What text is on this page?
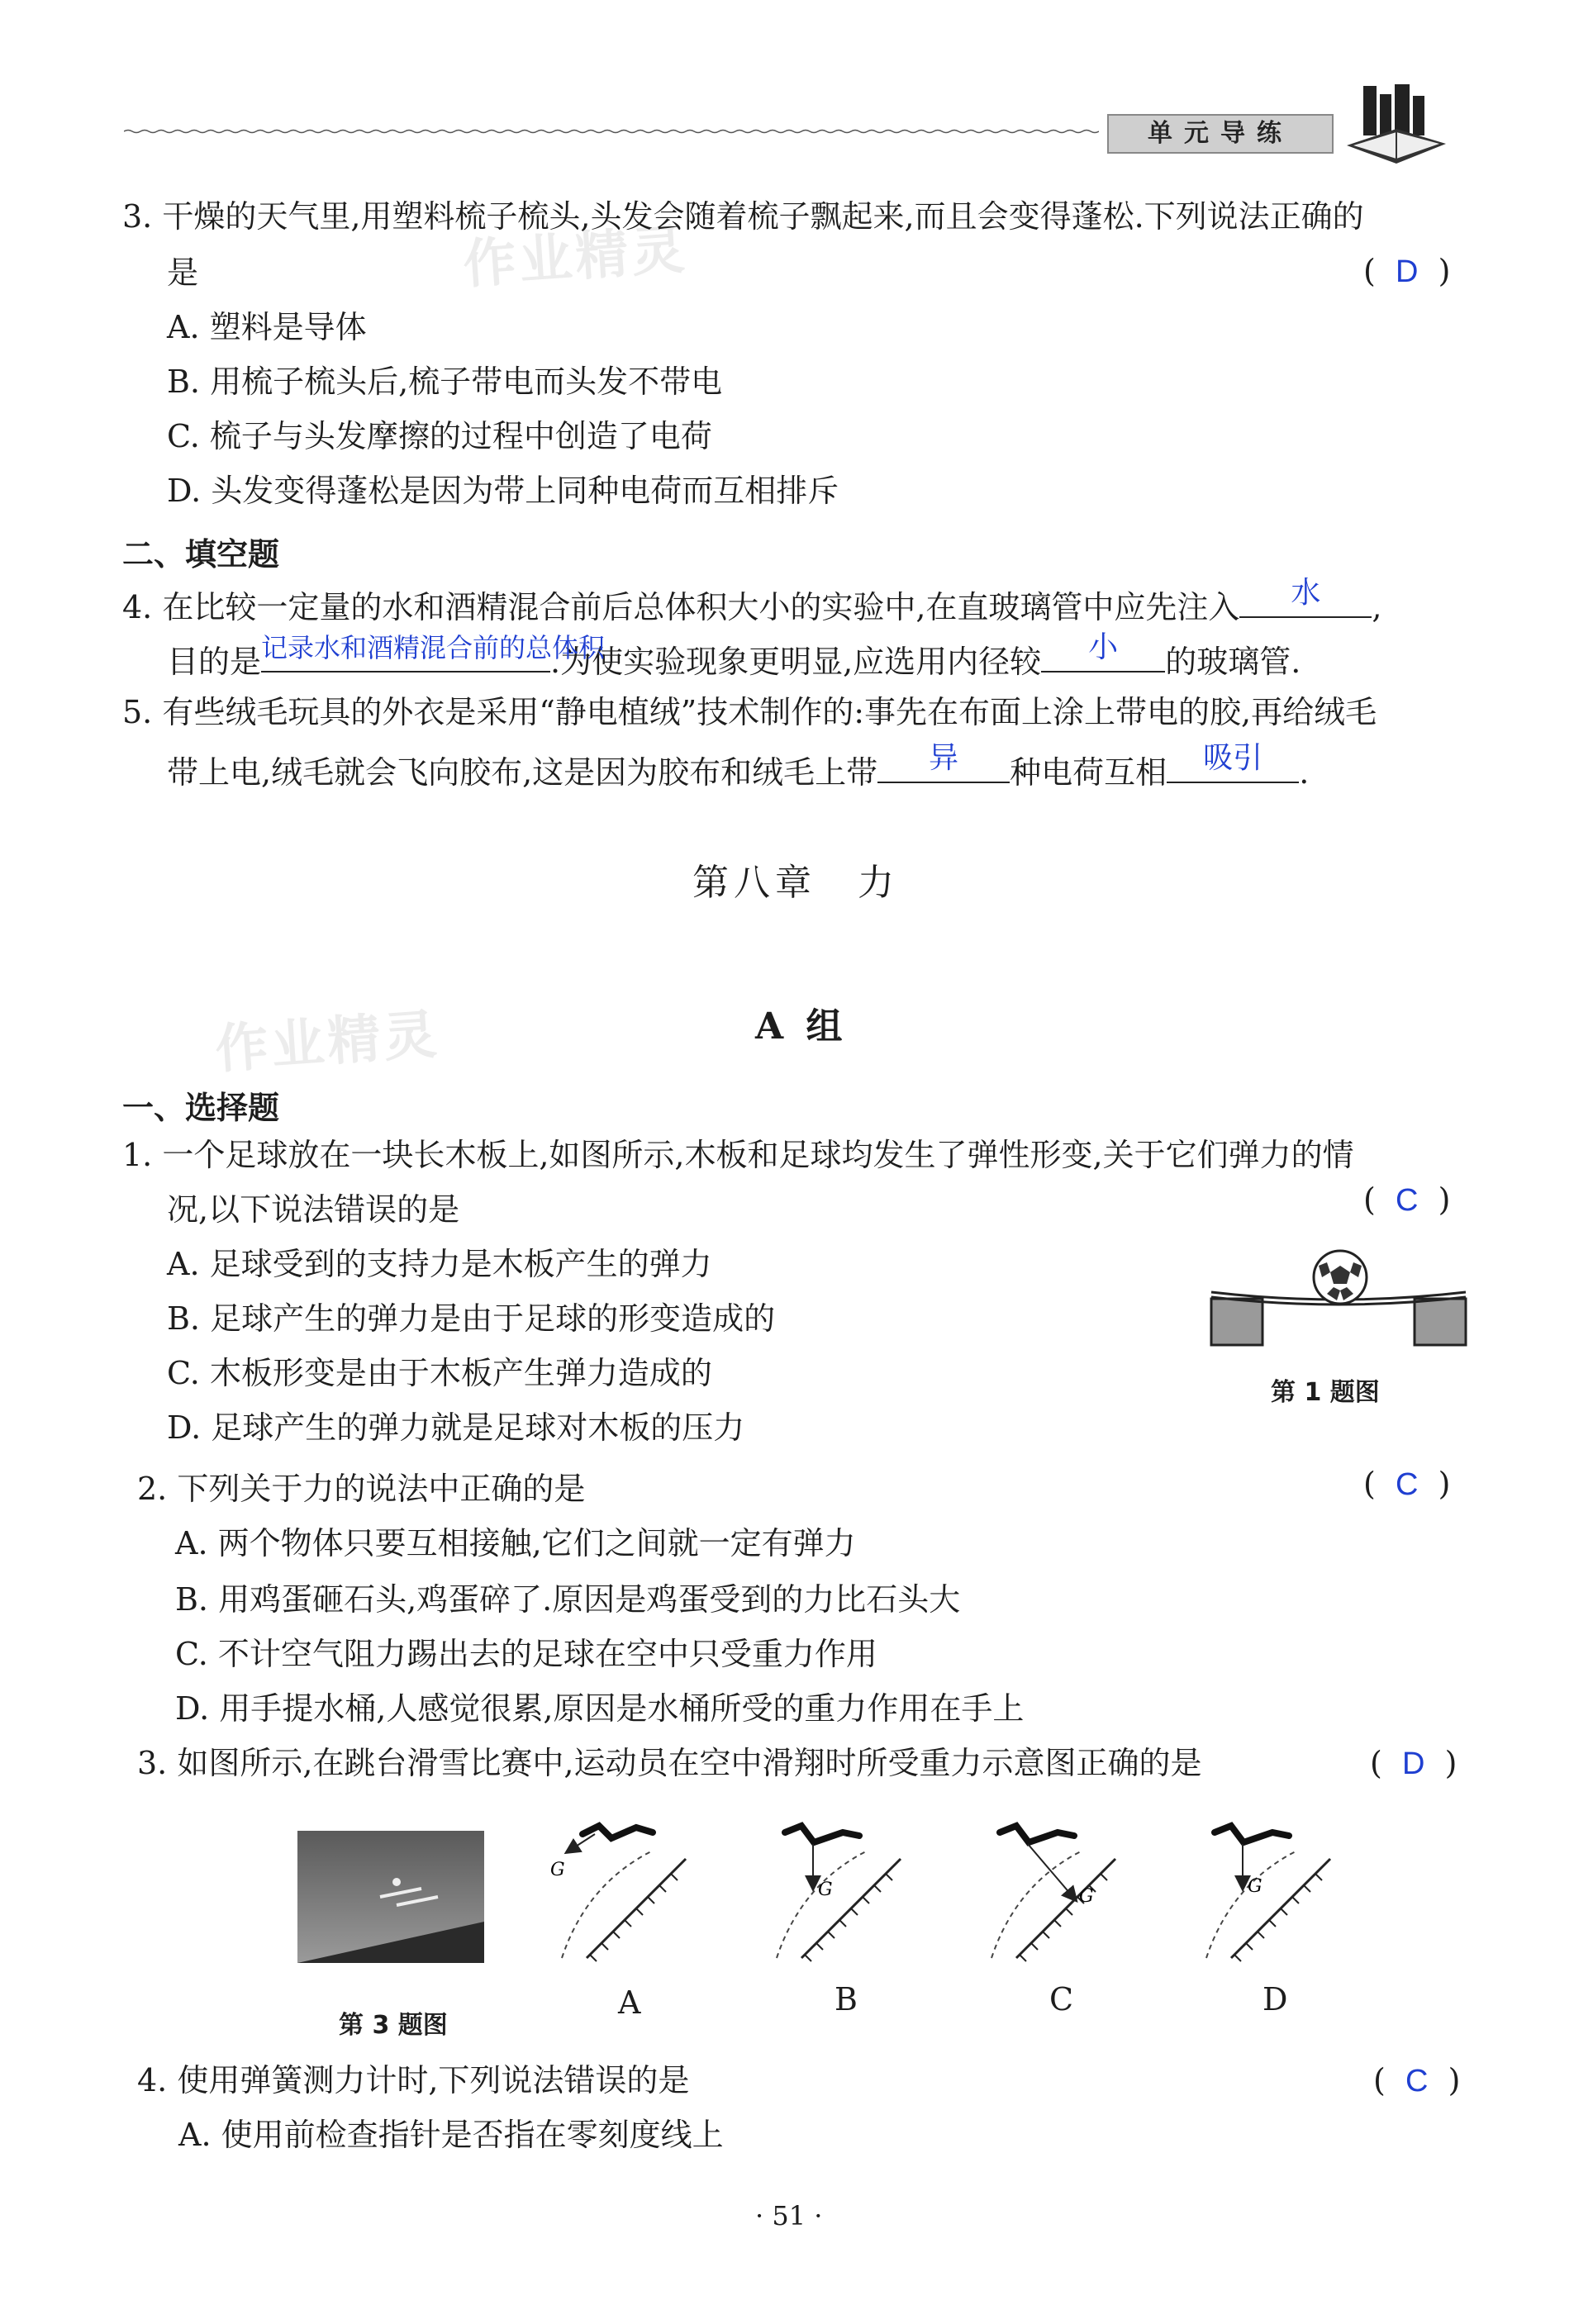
单元导练
作业精灵
作业精灵
3. 干燥的天气里,用塑料梳子梳头,头发会随着梳子飘起来,而且会变得蓬松.下列说法正确的
是	(  D  )
A. 塑料是导体
B. 用梳子梳头后,梳子带电而头发不带电
C. 梳子与头发摩擦的过程中创造了电荷
D. 头发变得蓬松是因为带上同种电荷而互相排斥
二、填空题
4. 在比较一定量的水和酒精混合前后总体积大小的实验中,在直玻璃管中应先注入	水	,
目的是 记录水和酒精混合前的总体积
.为使实验现象更明显,应选用内径较	小	的玻璃管.
5. 有些绒毛玩具的外衣是采用“静电植绒”技术制作的:事先在布面上涂上带电的胶,再给绒毛
带上电,绒毛就会飞向胶布,这是因为胶布和绒毛上带	异	种电荷互相	吸引	.
第八章　力
A 组
一、选择题
1. 一个足球放在一块长木板上,如图所示,木板和足球均发生了弹性形变,关于它们弹力的情
况,以下说法错误的是	(  C  )
A. 足球受到的支持力是木板产生的弹力
B. 足球产生的弹力是由于足球的形变造成的
C. 木板形变是由于木板产生弹力造成的
D. 足球产生的弹力就是足球对木板的压力
第 1 题图
2. 下列关于力的说法中正确的是	(  C  )
A. 两个物体只要互相接触,它们之间就一定有弹力
B. 用鸡蛋砸石头,鸡蛋碎了.原因是鸡蛋受到的力比石头大
C. 不计空气阻力踢出去的足球在空中只受重力作用
D. 用手提水桶,人感觉很累,原因是水桶所受的重力作用在手上
3. 如图所示,在跳台滑雪比赛中,运动员在空中滑翔时所受重力示意图正确的是	(  D  )
第 3 题图
G
G	G	G
A	B	C	D
4. 使用弹簧测力计时,下列说法错误的是	(  C  )
A. 使用前检查指针是否指在零刻度线上
· 51 ·
